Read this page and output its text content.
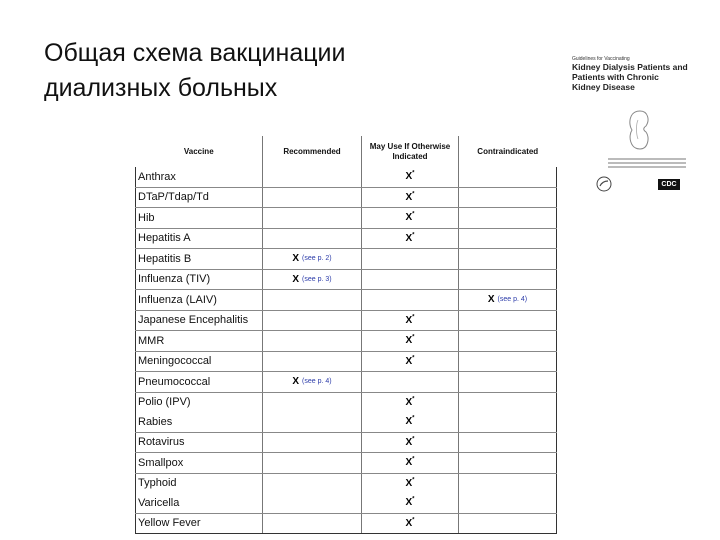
Общая схема вакцинации
диализных больных
Guidelines for Vaccinating
Kidney Dialysis Patients and
Patients with Chronic
Kidney Disease
CDC
Vaccine	Recommended	May Use If Otherwise Indicated	Contraindicated
Anthrax		X*

DTaP/Tdap/Td		X*

Hib		X*

Hepatitis A		X*

Hepatitis B	X (see p. 2)		

Influenza (TIV)	X (see p. 3)		

Influenza (LAIV)			X (see p. 4)

Japanese Encephalitis		X*

MMR		X*

Meningococcal		X*

Pneumococcal	X (see p. 4)		

Polio (IPV)		X*

Rabies		X*

Rotavirus		X*

Smallpox		X*

Typhoid		X*

Varicella		X*

Yellow Fever		X*
